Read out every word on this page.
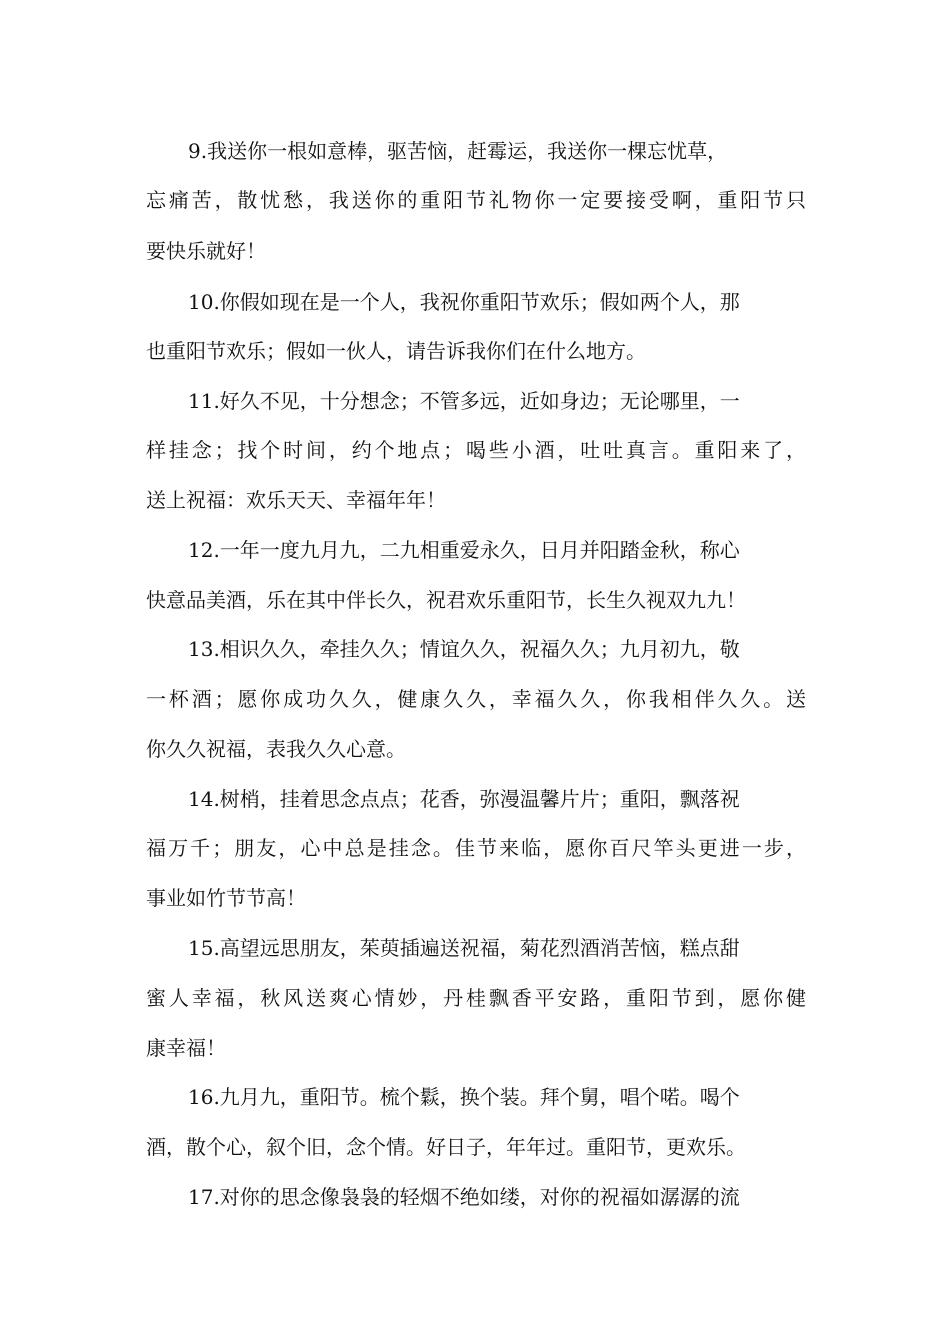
9.我送你一根如意棒，驱苦恼，赶霉运，我送你一棵忘忧草，
忘痛苦，散忧愁，我送你的重阳节礼物你一定要接受啊，重阳节只
要快乐就好！
10.你假如现在是一个人，我祝你重阳节欢乐；假如两个人，那
也重阳节欢乐；假如一伙人，请告诉我你们在什么地方。
11.好久不见，十分想念；不管多远，近如身边；无论哪里，一
样挂念；找个时间，约个地点；喝些小酒，吐吐真言。重阳来了，
送上祝福：欢乐天天、幸福年年！
12.一年一度九月九，二九相重爱永久，日月并阳踏金秋，称心
快意品美酒，乐在其中伴长久，祝君欢乐重阳节，长生久视双九九！
13.相识久久，牵挂久久；情谊久久，祝福久久；九月初九，敬
一杯酒；愿你成功久久，健康久久，幸福久久，你我相伴久久。送
你久久祝福，表我久久心意。
14.树梢，挂着思念点点；花香，弥漫温馨片片；重阳，飘落祝
福万千；朋友，心中总是挂念。佳节来临，愿你百尺竿头更进一步，
事业如竹节节高！
15.高望远思朋友，茱萸插遍送祝福，菊花烈酒消苦恼，糕点甜
蜜人幸福，秋风送爽心情妙，丹桂飘香平安路，重阳节到，愿你健
康幸福！
16.九月九，重阳节。梳个鬏，换个装。拜个舅，唱个喏。喝个
酒，散个心，叙个旧，念个情。好日子，年年过。重阳节，更欢乐。
17.对你的思念像袅袅的轻烟不绝如缕，对你的祝福如潺潺的流
